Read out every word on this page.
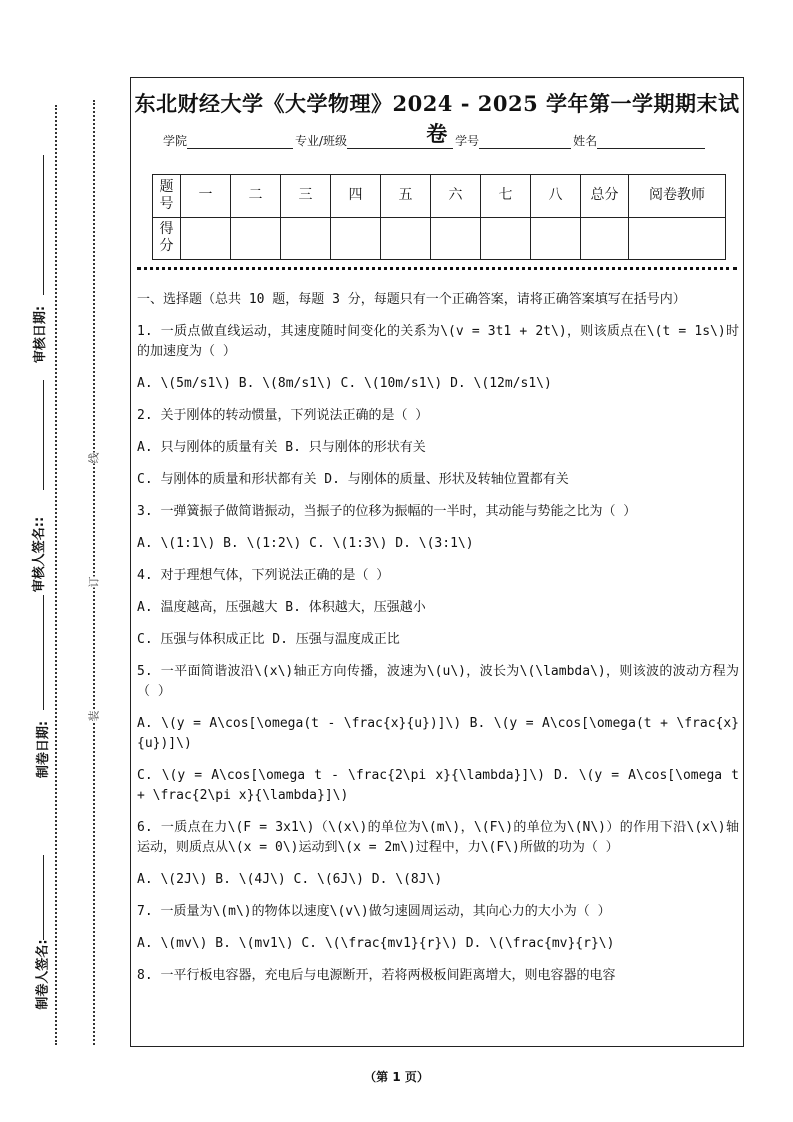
制卷人签名:
制卷日期:
审核人签名::
审核日期:
装
订
线
东北财经大学《大学物理》2024 - 2025 学年第一学期期末试卷
学院	专业/班级	学号	姓名
题号	一	二	三	四	五	六	七	八	总分	阅卷教师
得分										

一、选择题（总共 10 题，每题 3 分，每题只有一个正确答案，请将正确答案填写在括号内）

1. 一质点做直线运动，其速度随时间变化的关系为\(v = 3t1 + 2t\)，则该质点在\(t = 1s\)时的加速度为（ ）

A. \(5m/s1\) B. \(8m/s1\) C. \(10m/s1\) D. \(12m/s1\)

2. 关于刚体的转动惯量，下列说法正确的是（ ）

A. 只与刚体的质量有关 B. 只与刚体的形状有关

C. 与刚体的质量和形状都有关 D. 与刚体的质量、形状及转轴位置都有关

3. 一弹簧振子做简谐振动，当振子的位移为振幅的一半时，其动能与势能之比为（ ）

A. \(1:1\) B. \(1:2\) C. \(1:3\) D. \(3:1\)

4. 对于理想气体，下列说法正确的是（ ）

A. 温度越高，压强越大 B. 体积越大，压强越小

C. 压强与体积成正比 D. 压强与温度成正比

5. 一平面简谐波沿\(x\)轴正方向传播，波速为\(u\)，波长为\(\lambda\)，则该波的波动方程为（ ）

A. \(y = A\cos[\omega(t - \frac{x}{u})]\) B. \(y = A\cos[\omega(t + \frac{x}{u})]\)

C. \(y = A\cos[\omega t - \frac{2\pi x}{\lambda}]\) D. \(y = A\cos[\omega t + \frac{2\pi x}{\lambda}]\)

6. 一质点在力\(F = 3x1\)（\(x\)的单位为\(m\)，\(F\)的单位为\(N\)）的作用下沿\(x\)轴运动，则质点从\(x = 0\)运动到\(x = 2m\)过程中，力\(F\)所做的功为（ ）

A. \(2J\) B. \(4J\) C. \(6J\) D. \(8J\)

7. 一质量为\(m\)的物体以速度\(v\)做匀速圆周运动，其向心力的大小为（ ）

A. \(mv\) B. \(mv1\) C. \(\frac{mv1}{r}\) D. \(\frac{mv}{r}\)

8. 一平行板电容器，充电后与电源断开，若将两极板间距离增大，则电容器的电容

（第 1 页）
